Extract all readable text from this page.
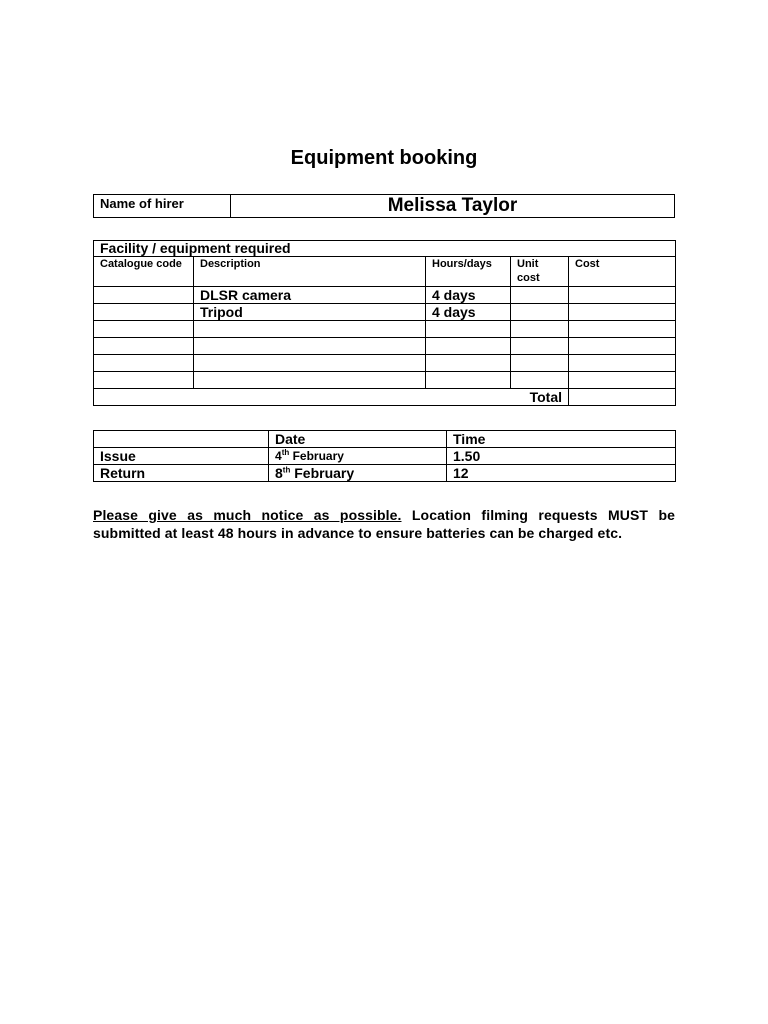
Equipment booking
Name of hirer	Melissa Taylor
Facility / equipment required				
Catalogue code	Description	Hours/days	Unit cost	Cost
	DLSR camera	4 days		
	Tripod	4 days		

Total				
	Date	Time
Issue	4th February	1.50
Return	8th February	12
Please give as much notice as possible. Location filming requests MUST be submitted at least 48 hours in advance to ensure batteries can be charged etc.
